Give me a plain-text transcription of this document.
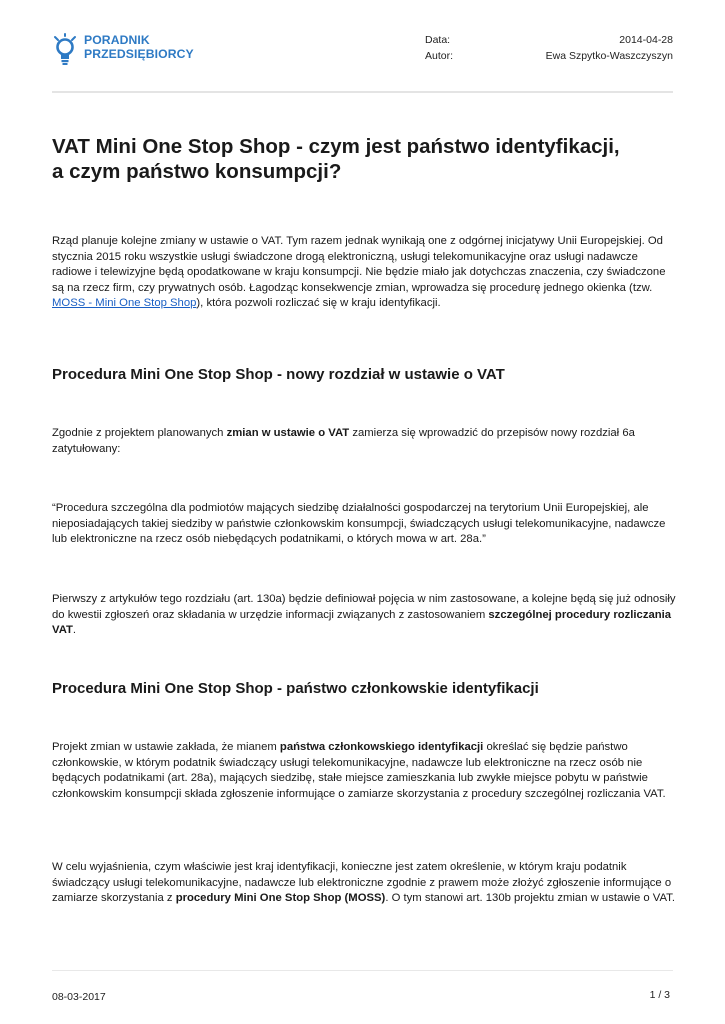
PORADNIK
PRZEDSIĘBIORCY
Data:	2014-04-28
Autor:	Ewa Szpytko-Waszczyszyn
VAT Mini One Stop Shop - czym jest państwo identyfikacji,
a czym państwo konsumpcji?

Rząd planuje kolejne zmiany w ustawie o VAT. Tym razem jednak wynikają one z odgórnej inicjatywy Unii Europejskiej. Od stycznia 2015 roku wszystkie usługi świadczone drogą elektroniczną, usługi telekomunikacyjne oraz usługi nadawcze radiowe i telewizyjne będą opodatkowane w kraju konsumpcji. Nie będzie miało jak dotychczas znaczenia, czy świadczone są na rzecz firm, czy prywatnych osób. Łagodząc konsekwencje zmian, wprowadza się procedurę jednego okienka (tzw. MOSS - Mini One Stop Shop), która pozwoli rozliczać się w kraju identyfikacji.

Procedura Mini One Stop Shop - nowy rozdział w ustawie o VAT

Zgodnie z projektem planowanych zmian w ustawie o VAT zamierza się wprowadzić do przepisów nowy rozdział 6a zatytułowany:

“Procedura szczególna dla podmiotów mających siedzibę działalności gospodarczej na terytorium Unii Europejskiej, ale nieposiadających takiej siedziby w państwie członkowskim konsumpcji, świadczących usługi telekomunikacyjne, nadawcze lub elektroniczne na rzecz osób niebędących podatnikami, o których mowa w art. 28a.”

Pierwszy z artykułów tego rozdziału (art. 130a) będzie definiował pojęcia w nim zastosowane, a kolejne będą się już odnosiły do kwestii zgłoszeń oraz składania w urzędzie informacji związanych z zastosowaniem szczególnej procedury rozliczania VAT.

Procedura Mini One Stop Shop - państwo członkowskie identyfikacji

Projekt zmian w ustawie zakłada, że mianem państwa członkowskiego identyfikacji określać się będzie państwo członkowskie, w którym podatnik świadczący usługi telekomunikacyjne, nadawcze lub elektroniczne na rzecz osób nie będących podatnikami (art. 28a), mających siedzibę, stałe miejsce zamieszkania lub zwykłe miejsce pobytu w państwie członkowskim konsumpcji składa zgłoszenie informujące o zamiarze skorzystania z procedury szczególnej rozliczania VAT.

W celu wyjaśnienia, czym właściwie jest kraj identyfikacji, konieczne jest zatem określenie, w którym kraju podatnik świadczący usługi telekomunikacyjne, nadawcze lub elektroniczne zgodnie z prawem może złożyć zgłoszenie informujące o zamiarze skorzystania z procedury Mini One Stop Shop (MOSS). O tym stanowi art. 130b projektu zmian w ustawie o VAT.

08-03-2017	1 / 3
